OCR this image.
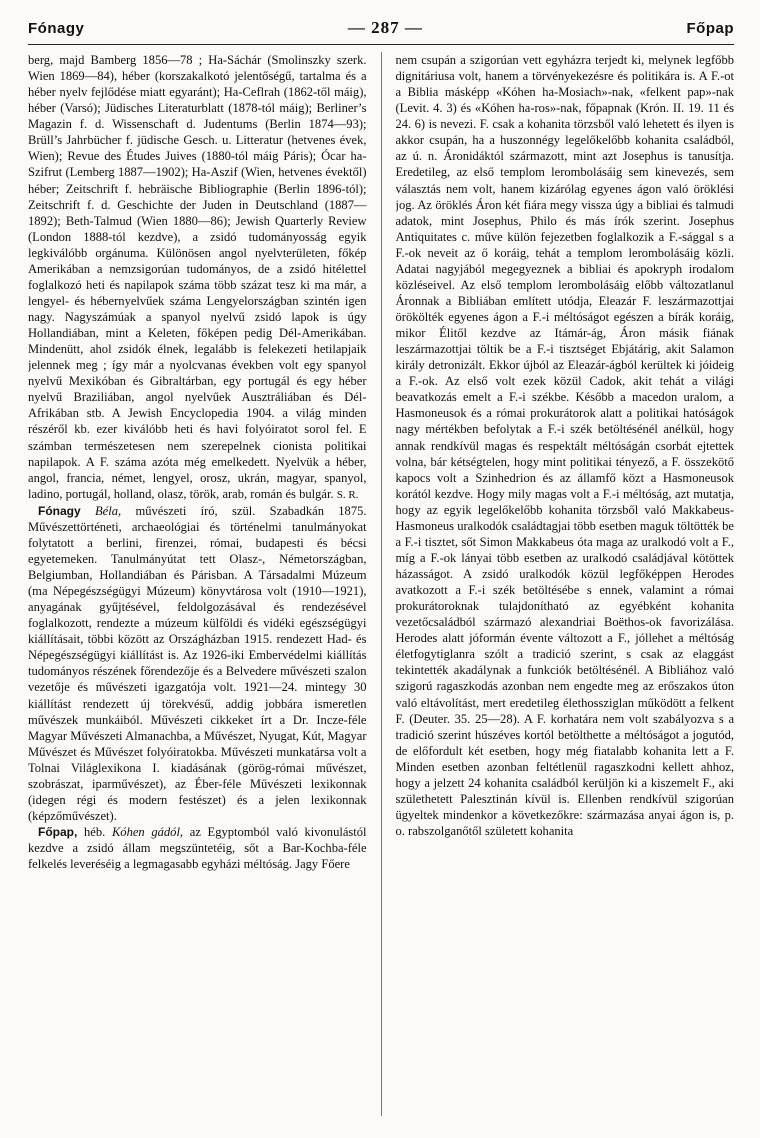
Fónagy	— 287 —	Főpap

berg, majd Bamberg 1856—78 ; Ha-Sáchár (Smolinszky szerk. Wien 1869—84), héber (korszakalkotó jelentőségű, tartalma és a héber nyelv fejlődése miatt egyaránt); Ha-Ceflrah (1862-től máig), héber (Varsó); Jüdisches Literaturblatt (1878-tól máig); Berliner’s Magazin f. d. Wissenschaft d. Judentums (Berlin 1874—93); Brüll’s Jahrbücher f. jüdische Gesch. u. Litteratur (hetvenes évek, Wien); Revue des Études Juives (1880-tól máig Páris); Ócar ha-Szifrut (Lemberg 1887—1902); Ha-Aszif (Wien, hetvenes évektől) héber; Zeitschrift f. hebräische Bibliographie (Berlin 1896-tól); Zeitschrift f. d. Geschichte der Juden in Deutschland (1887—1892); Beth-Talmud (Wien 1880—86); Jewish Quarterly Review (London 1888-tól kezdve), a zsidó tudományosság egyik legkiválóbb orgánuma. Különösen angol nyelvterületen, főkép Amerikában a nemzsigorúan tudományos, de a zsidó hitélettel foglalkozó heti és napilapok száma több százat tesz ki ma már, a lengyel- és hébernyelvűek száma Lengyelországban szintén igen nagy. Nagyszámúak a spanyol nyelvű zsidó lapok is úgy Hollandiában, mint a Keleten, főképen pedig Dél-Amerikában. Mindenütt, ahol zsidók élnek, legalább is felekezeti hetilapjaik jelennek meg ; így már a nyolcvanas években volt egy spanyol nyelvű Mexikóban és Gibraltárban, egy portugál és egy héber nyelvű Braziliában, angol nyelvűek Ausztráliában és Dél-Afrikában stb. A Jewish Encyclopedia 1904. a világ minden részéről kb. ezer kiválóbb heti és havi folyóiratot sorol fel. E számban természetesen nem szerepelnek cionista politikai napilapok. A F. száma azóta még emelkedett. Nyelvük a héber, angol, francia, német, lengyel, orosz, ukrán, magyar, spanyol, ladino, portugál, holland, olasz, török, arab, román és bulgár. S. R.

Fónagy Béla, művészeti író, szül. Szabadkán 1875. Művészettörténeti, archaeológiai és történelmi tanulmányokat folytatott a berlini, firenzei, római, budapesti és bécsi egyetemeken. Tanulmányútat tett Olasz-, Németországban, Belgiumban, Hollandiában és Párisban. A Társadalmi Múzeum (ma Népegészségügyi Múzeum) könyvtárosa volt (1910—1921), anyagának gyűjtésével, feldolgozásával és rendezésével foglalkozott, rendezte a múzeum külföldi és vidéki egészségügyi kiállításait, többi között az Országházban 1915. rendezett Had- és Népegészségügyi kiállítást is. Az 1926-iki Embervédelmi kiállítás tudományos részének főrendezője és a Belvedere művészeti szalon vezetője és művészeti igazgatója volt. 1921—24. mintegy 30 kiállítást rendezett új törekvésű, addig jobbára ismeretlen művészek munkáiból. Művészeti cikkeket írt a Dr. Incze-féle Magyar Művészeti Almanachba, a Művészet, Nyugat, Kút, Magyar Művészet és Művészet folyóiratokba. Művészeti munkatársa volt a Tolnai Világlexikona I. kiadásának (görög-római művészet, szobrászat, iparművészet), az Éber-féle Művészeti lexikonnak (idegen régi és modern festészet) és a jelen lexikonnak (képzőművészet).

Főpap, héb. Kóhen gádól, az Egyptomból való kivonulástól kezdve a zsidó állam megszüntetéig, sőt a Bar-Kochba-féle felkelés leveréséig a legmagasabb egyházi méltóság. Jagy Főere

nem csupán a szigorúan vett egyházra terjedt ki, melynek legfőbb dignitáriusa volt, hanem a törvényekezésre és politikára is. A F.-ot a Biblia másképp «Kóhen ha-Mosiach»-nak, «felkent pap»-nak (Levit. 4. 3) és «Kóhen ha-ros»-nak, főpapnak (Krón. II. 19. 11 és 24. 6) is nevezi. F. csak a kohanita törzsből való lehetett és ilyen is akkor csupán, ha a huszonnégy legelőkelőbb kohanita családból, az ú. n. Áronidáktól származott, mint azt Josephus is tanusítja. Eredetileg, az első templom lerombolásáig sem kinevezés, sem választás nem volt, hanem kizárólag egyenes ágon való öröklési jog. Az öröklés Áron két fiára megy vissza úgy a bibliai és talmudi adatok, mint Josephus, Philo és más írók szerint. Josephus Antiquitates c. műve külön fejezetben foglalkozik a F.-sággal s a F.-ok neveit az ő koráig, tehát a templom lerombolásáig közli. Adatai nagyjából megegyeznek a bibliai és apokryph irodalom közléseivel. Az első templom lerombolásáig előbb változatlanul Áronnak a Bibliában említett utódja, Eleazár F. leszármazottjai örökölték egyenes ágon a F.-i méltóságot egészen a bírák koráig, mikor Élitől kezdve az Itámár-ág, Áron másik fiának leszármazottjai töltik be a F.-i tisztséget Ebjátárig, akit Salamon király detronizált. Ekkor újból az Eleazár-ágból kerültek ki jóideig a F.-ok. Az első volt ezek közül Cadok, akit tehát a világi beavatkozás emelt a F.-i székbe. Később a macedon uralom, a Hasmoneusok és a római prokurátorok alatt a politikai hatóságok nagy mértékben befolytak a F.-i szék betöltésénél anélkül, hogy annak rendkívül magas és respektált méltóságán csorbát ejtettek volna, bár kétségtelen, hogy mint politikai tényező, a F. összekötő kapocs volt a Szinhedrion és az államfő közt a Hasmoneusok korától kezdve. Hogy mily magas volt a F.-i méltóság, azt mutatja, hogy az egyik legelőkelőbb kohanita törzsből való Makkabeus-Hasmoneus uralkodók családtagjai több esetben maguk töltötték be a F.-i tisztet, sőt Simon Makkabeus óta maga az uralkodó volt a F., míg a F.-ok lányai több esetben az uralkodó családjával kötöttek házasságot. A zsidó uralkodók közül legfőképpen Herodes avatkozott a F.-i szék betöltésébe s ennek, valamint a római prokurátoroknak tulajdonítható az egyébként kohanita vezetőcsaládból származó alexandriai Boëthos-ok favorizálása. Herodes alatt jóformán évente változott a F., jóllehet a méltóság életfogytiglanra szólt a tradició szerint, s csak az elaggást tekintették akadálynak a funkciók betöltésénél. A Bibliához való szigorú ragaszkodás azonban nem engedte meg az erőszakos úton való eltávolítást, mert eredetileg élethossziglan működött a felkent F. (Deuter. 35. 25—28). A F. korhatára nem volt szabályozva s a tradició szerint húszéves kortól betölthette a méltóságot a jogutód, de előfordult két esetben, hogy még fiatalabb kohanita lett a F. Minden esetben azonban feltétlenül ragaszkodni kellett ahhoz, hogy a jelzett 24 kohanita családból kerüljön ki a kiszemelt F., aki születhetett Palesztinán kívül is. Ellenben rendkívül szigorúan ügyeltek mindenkor a következőkre: származása anyai ágon is, p. o. rabszolganőtől született kohanita
